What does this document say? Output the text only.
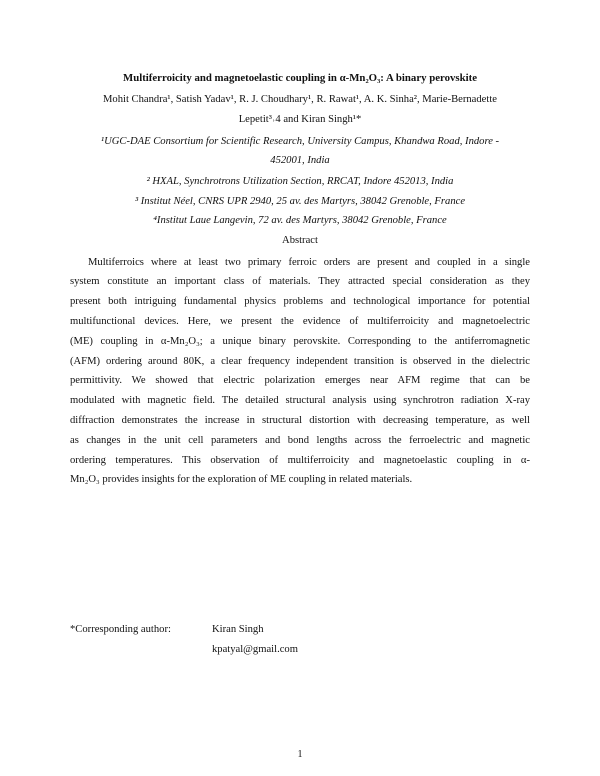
Multiferroicity and magnetoelastic coupling in α-Mn₂O₃: A binary perovskite
Mohit Chandra¹, Satish Yadav¹, R. J. Choudhary¹, R. Rawat¹, A. K. Sinha², Marie-Bernadette
Lepetit³˒4 and Kiran Singh¹*
¹UGC-DAE Consortium for Scientific Research, University Campus, Khandwa Road, Indore -
452001, India
² HXAL, Synchrotrons Utilization Section, RRCAT, Indore 452013, India
³ Institut Néel, CNRS UPR 2940, 25 av. des Martyrs, 38042 Grenoble, France
⁴Institut Laue Langevin, 72 av. des Martyrs, 38042 Grenoble, France
Abstract
Multiferroics where at least two primary ferroic orders are present and coupled in a single
system constitute an important class of materials. They attracted special consideration as they
present both intriguing fundamental physics problems and technological importance for potential
multifunctional devices. Here, we present the evidence of multiferroicity and magnetoelectric
(ME) coupling in α-Mn₂O₃; a unique binary perovskite. Corresponding to the antiferromagnetic
(AFM) ordering around 80K, a clear frequency independent transition is observed in the dielectric
permittivity. We showed that electric polarization emerges near AFM regime that can be
modulated with magnetic field. The detailed structural analysis using synchrotron radiation X-ray
diffraction demonstrates the increase in structural distortion with decreasing temperature, as well
as changes in the unit cell parameters and bond lengths across the ferroelectric and magnetic
ordering temperatures. This observation of multiferroicity and magnetoelastic coupling in α-
Mn₂O₃ provides insights for the exploration of ME coupling in related materials.
*Corresponding author:	Kiran Singh
kpatyal@gmail.com
1
